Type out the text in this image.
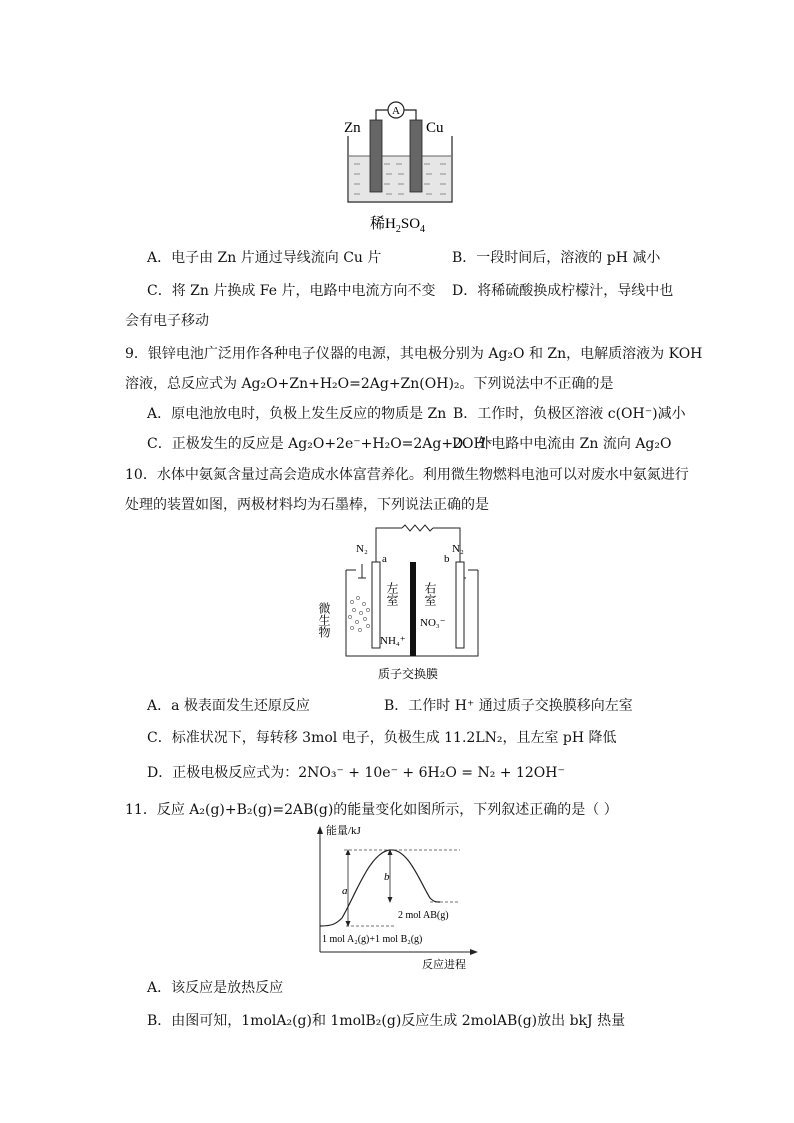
A
Zn	Cu
稀$H_2SO_4$
A．电子由 Zn 片通过导线流向 Cu 片	B．一段时间后，溶液的 pH 减小
C．将 Zn 片换成 Fe 片，电路中电流方向不变 D．将稀硫酸换成柠檬汁，导线中也
会有电子移动
9．银锌电池广泛用作各种电子仪器的电源，其电极分别为 Ag₂O 和 Zn，电解质溶液为 KOH
溶液，总反应式为 Ag₂O+Zn+H₂O=2Ag+Zn(OH)₂。下列说法中不正确的是
A．原电池放电时，负极上发生反应的物质是 Zn B．工作时，负极区溶液 c(OH⁻)减小
C．正极发生的反应是 Ag₂O+2e⁻+H₂O=2Ag+2OH⁻
D．外电路中电流由 Zn 流向 Ag₂O
10．水体中氨氮含量过高会造成水体富营养化。利用微生物燃料电池可以对废水中氨氮进行
处理的装置如图，两极材料均为石墨棒，下列说法正确的是
N₂	N₂
a	b
左室 右室
微生物
NH₄⁺
NO₃⁻
质子交换膜
A．a 极表面发生还原反应	B．工作时 H⁺ 通过质子交换膜移向左室
C．标准状况下，每转移 3mol 电子，负极生成 11.2LN₂，且左室 pH 降低
D．正极电极反应式为：2NO₃⁻ + 10e⁻ + 6H₂O = N₂ + 12OH⁻
11．反应 A₂(g)+B₂(g)=2AB(g)的能量变化如图所示，下列叙述正确的是（ ）
能量/kJ
反应进程
a
b
2 mol AB(g)
1 mol A₂(g)+1 mol B₂(g)
A．该反应是放热反应
B．由图可知，1molA₂(g)和 1molB₂(g)反应生成 2molAB(g)放出 bkJ 热量
